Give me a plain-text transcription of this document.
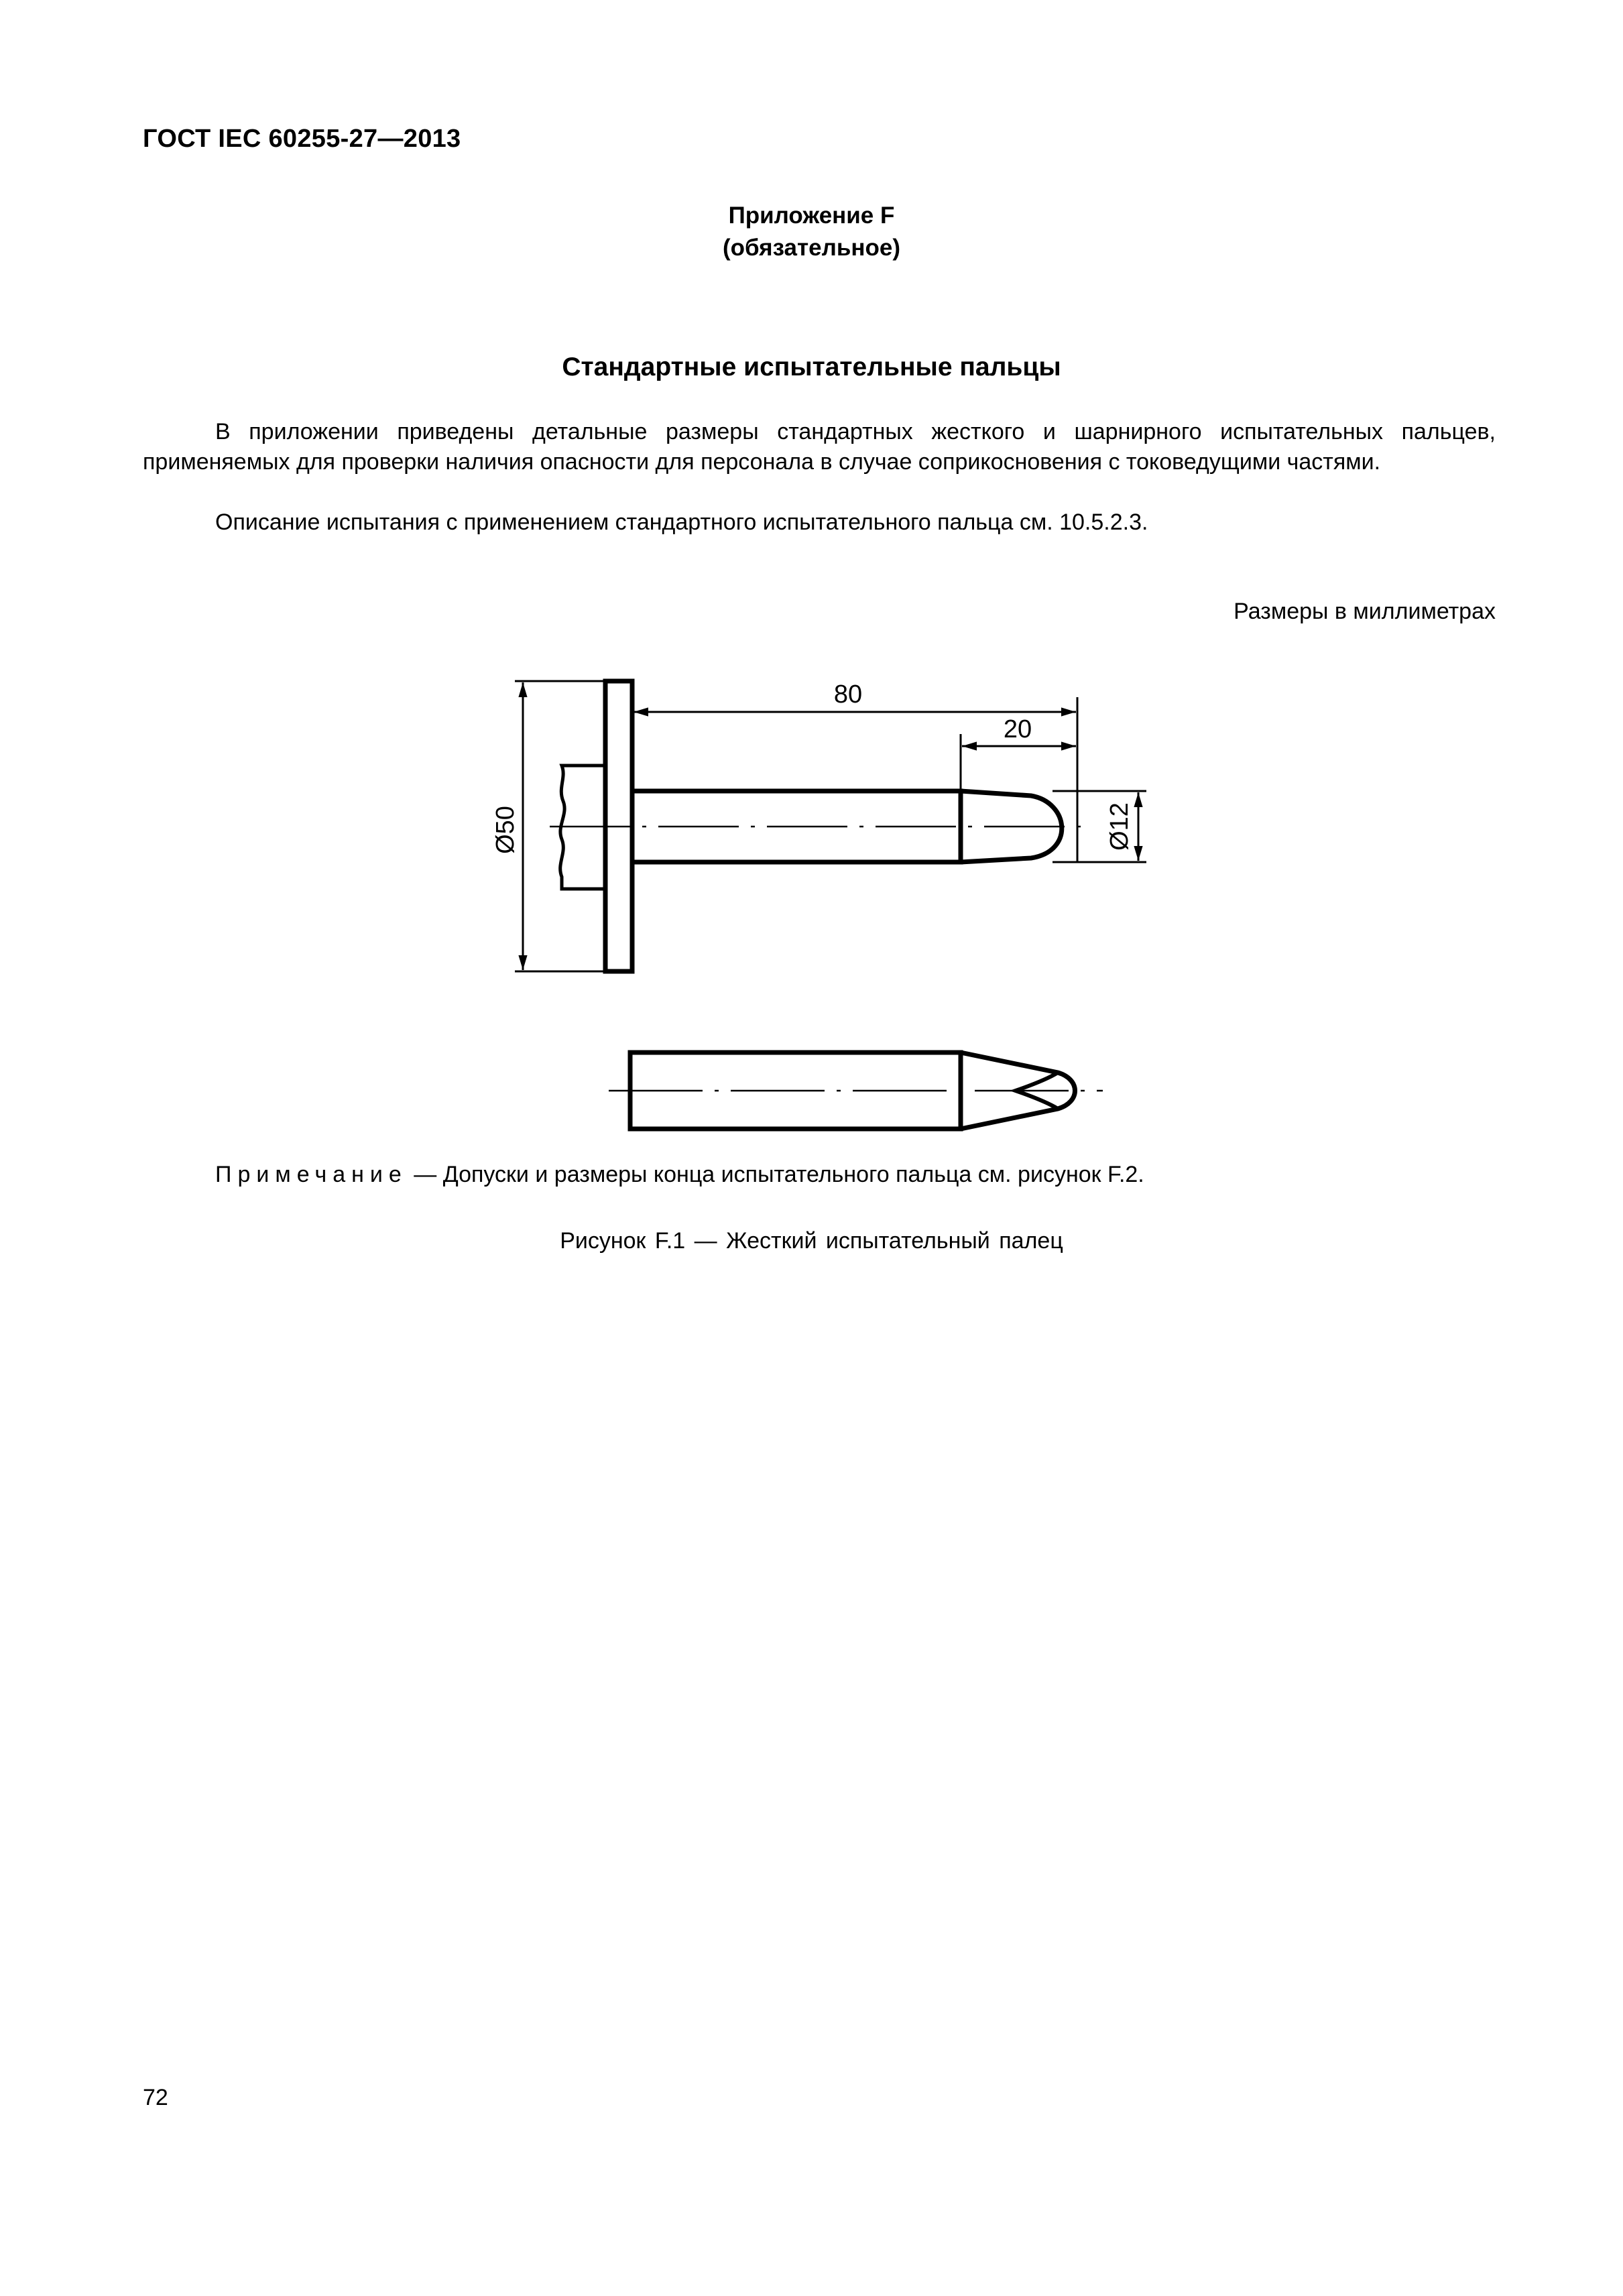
ГОСТ IEC 60255-27—2013
Приложение F
(обязательное)
Стандартные испытательные пальцы

В приложении приведены детальные размеры стандартных жесткого и шарнирного испытательных пальцев, применяемых для проверки наличия опасности для персонала в случае соприкосновения с токоведущими частями.

Описание испытания с применением стандартного испытательного пальца см. 10.5.2.3.

Размеры в миллиметрах
80
20
Ø50	Ø12
Примечание — Допуски и размеры конца испытательного пальца см. рисунок F.2.
Рисунок F.1 — Жесткий испытательный палец
72
